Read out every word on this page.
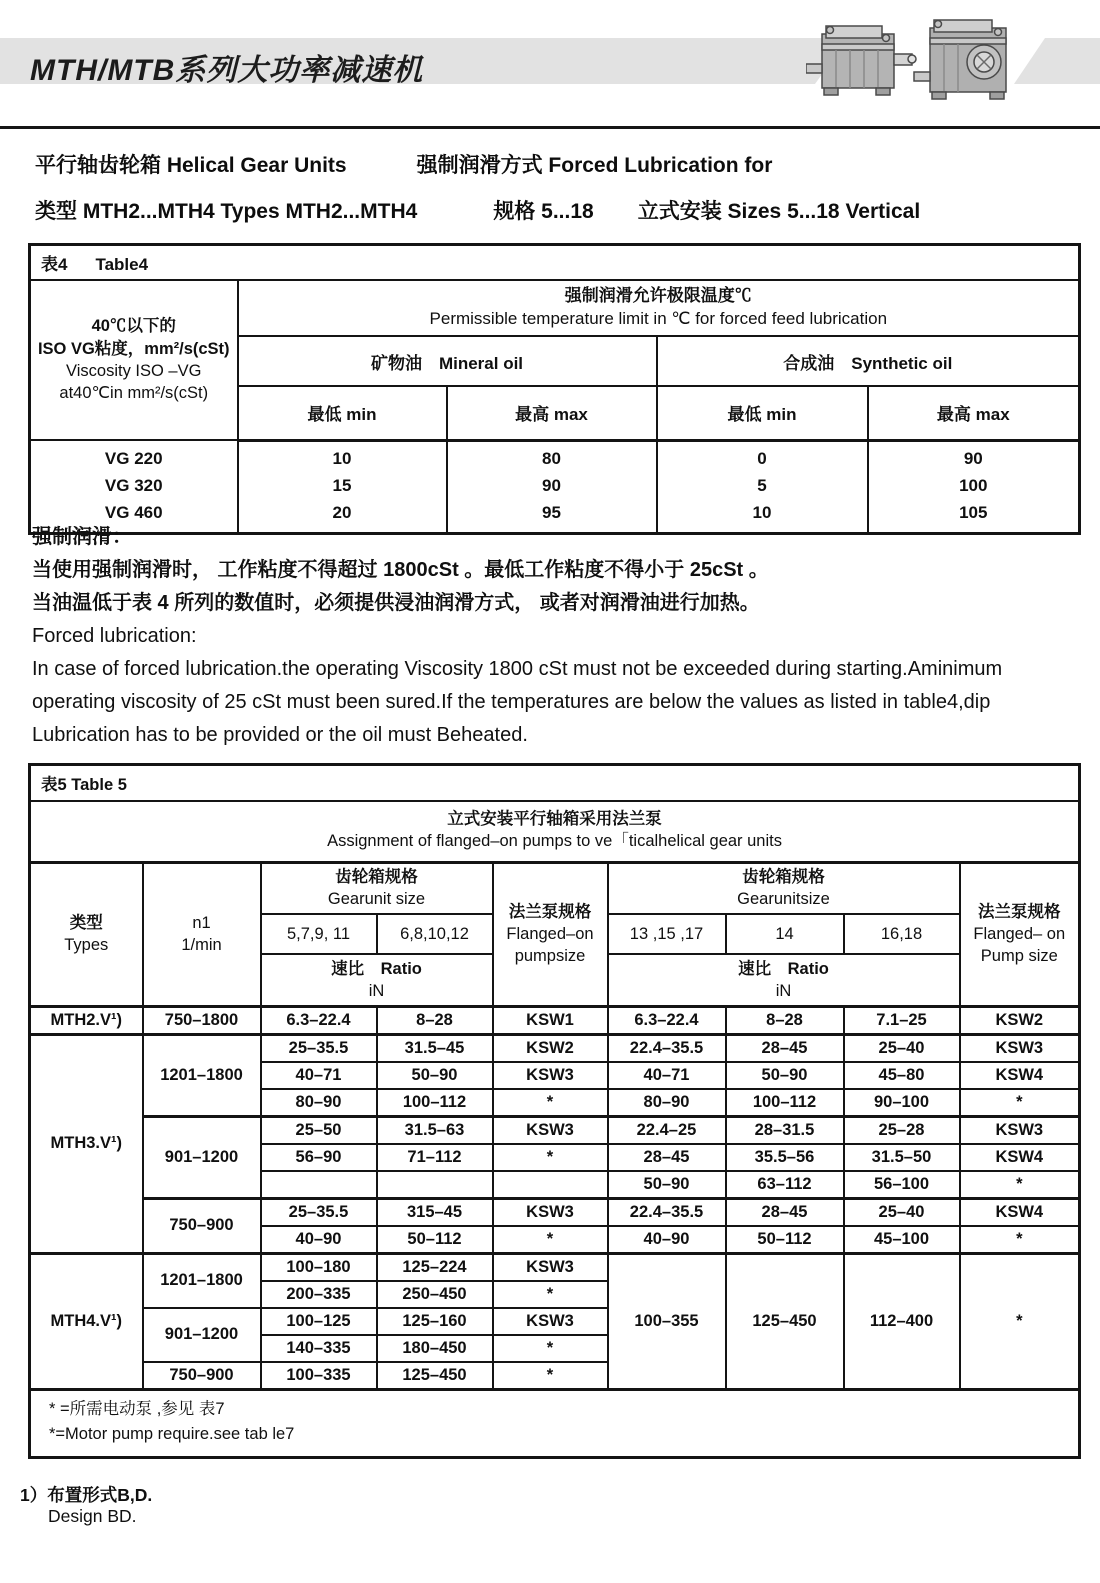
MTH/MTB系列大功率减速机
平行轴齿轮箱 Helical Gear Units	强制润滑方式 Forced Lubrication for
类型 MTH2...MTH4 Types MTH2...MTH4	规格 5...18 立式安装 Sizes 5...18 Vertical
表4 Table4				

40℃以下的
ISO VG粘度，mm²/s(cSt)
Viscosity ISO –VG
at40℃in mm²/s(cSt)	强制润滑允许极限温度℃
Permissible temperature limit in ℃ for forced feed lubrication			

	矿物油　Mineral oil		合成油　Synthetic oil	
	最低 min	最高 max	最低 min	最高 max
VG 220	10	80	0	90
VG 320	15	90	5	100
VG 460	20	95	10	105

强制润滑：

当使用强制润滑时， 工作粘度不得超过 1800cSt 。最低工作粘度不得小于 25cSt 。

当油温低于表 4 所列的数值时，必须提供浸油润滑方式， 或者对润滑油进行加热。

Forced lubrication:

In case of forced lubrication.the operating Viscosity 1800 cSt must not be exceeded during starting.Aminimum

operating viscosity of 25 cSt must been sured.If the temperatures are below the values as listed in table4,dip

Lubrication has to be provided or the oil must Beheated.

表5 Table 5								

立式安装平行轴箱采用法兰泵
Assignment of flanged–on pumps to ve「ticalhelical gear units								

类型
Types	n1
1/min	齿轮箱规格
Gearunit size		法兰泵规格
Flanged–on
pumpsize	齿轮箱规格
Gearunitsize			法兰泵规格
Flanged– on
Pump size

		5,7,9, 11	6,8,10,12		13 ,15 ,17	14	16,18	

		速比　Ratio
iN			速比　Ratio
iN			

MTH2.V¹)	750–1800	6.3–22.4	8–28	KSW1	6.3–22.4	8–28	7.1–25	KSW2
MTH3.V¹)	1201–1800	25–35.5	31.5–45	KSW2	22.4–35.5	28–45	25–40	KSW3
		40–71	50–90	KSW3	40–71	50–90	45–80	KSW4
		80–90	100–112	*	80–90	100–112	90–100	*
	901–1200	25–50	31.5–63	KSW3	22.4–25	28–31.5	25–28	KSW3
		56–90	71–112	*	28–45	35.5–56	31.5–50	KSW4
					50–90	63–112	56–100	*
	750–900	25–35.5	315–45	KSW3	22.4–35.5	28–45	25–40	KSW4
		40–90	50–112	*	40–90	50–112	45–100	*
MTH4.V¹)	1201–1800	100–180	125–224	KSW3	100–355	125–450	112–400	*
		200–335	250–450	*				
	901–1200	100–125	125–160	KSW3				
		140–335	180–450	*				
	750–900	100–335	125–450	*				

* =所需电动泵 ,参见 表7
*=Motor pump require.see tab le7								
1）布置形式B,D.
Design BD.
